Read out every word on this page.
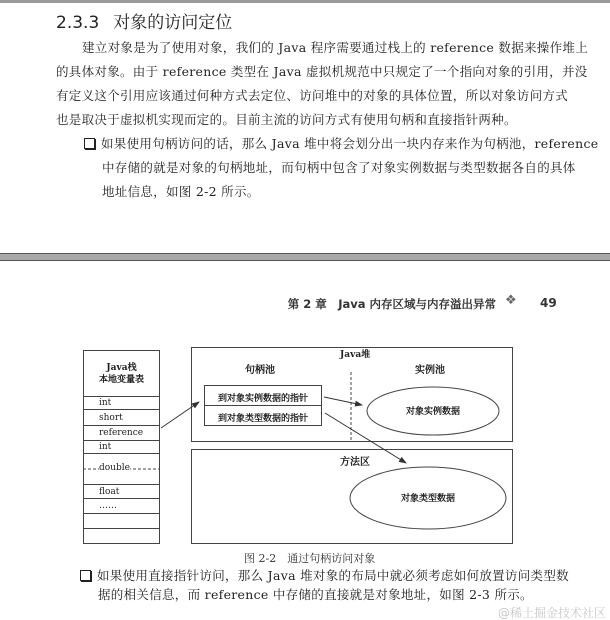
2.3.3 对象的访问定位
建立对象是为了使用对象，我们的 Java 程序需要通过栈上的 reference 数据来操作堆上
的具体对象。由于 reference 类型在 Java 虚拟机规范中只规定了一个指向对象的引用，并没
有定义这个引用应该通过何种方式去定位、访问堆中的对象的具体位置，所以对象访问方式
也是取决于虚拟机实现而定的。目前主流的访问方式有使用句柄和直接指针两种。
如果使用句柄访问的话，那么 Java 堆中将会划分出一块内存来作为句柄池，reference
中存储的就是对象的句柄地址，而句柄中包含了对象实例数据与类型数据各自的具体
地址信息，如图 2-2 所示。
第 2 章　Java 内存区域与内存溢出异常 ❖ 49
Java栈
本地变量表
int
short
reference
int
double
float
……
Java堆
句柄池	实例池
到对象实例数据的指针
到对象类型数据的指针
方法区
对象实例数据
对象类型数据
图 2-2　通过句柄访问对象
如果使用直接指针访问，那么 Java 堆对象的布局中就必须考虑如何放置访问类型数
据的相关信息，而 reference 中存储的直接就是对象地址，如图 2-3 所示。
@稀土掘金技术社区
